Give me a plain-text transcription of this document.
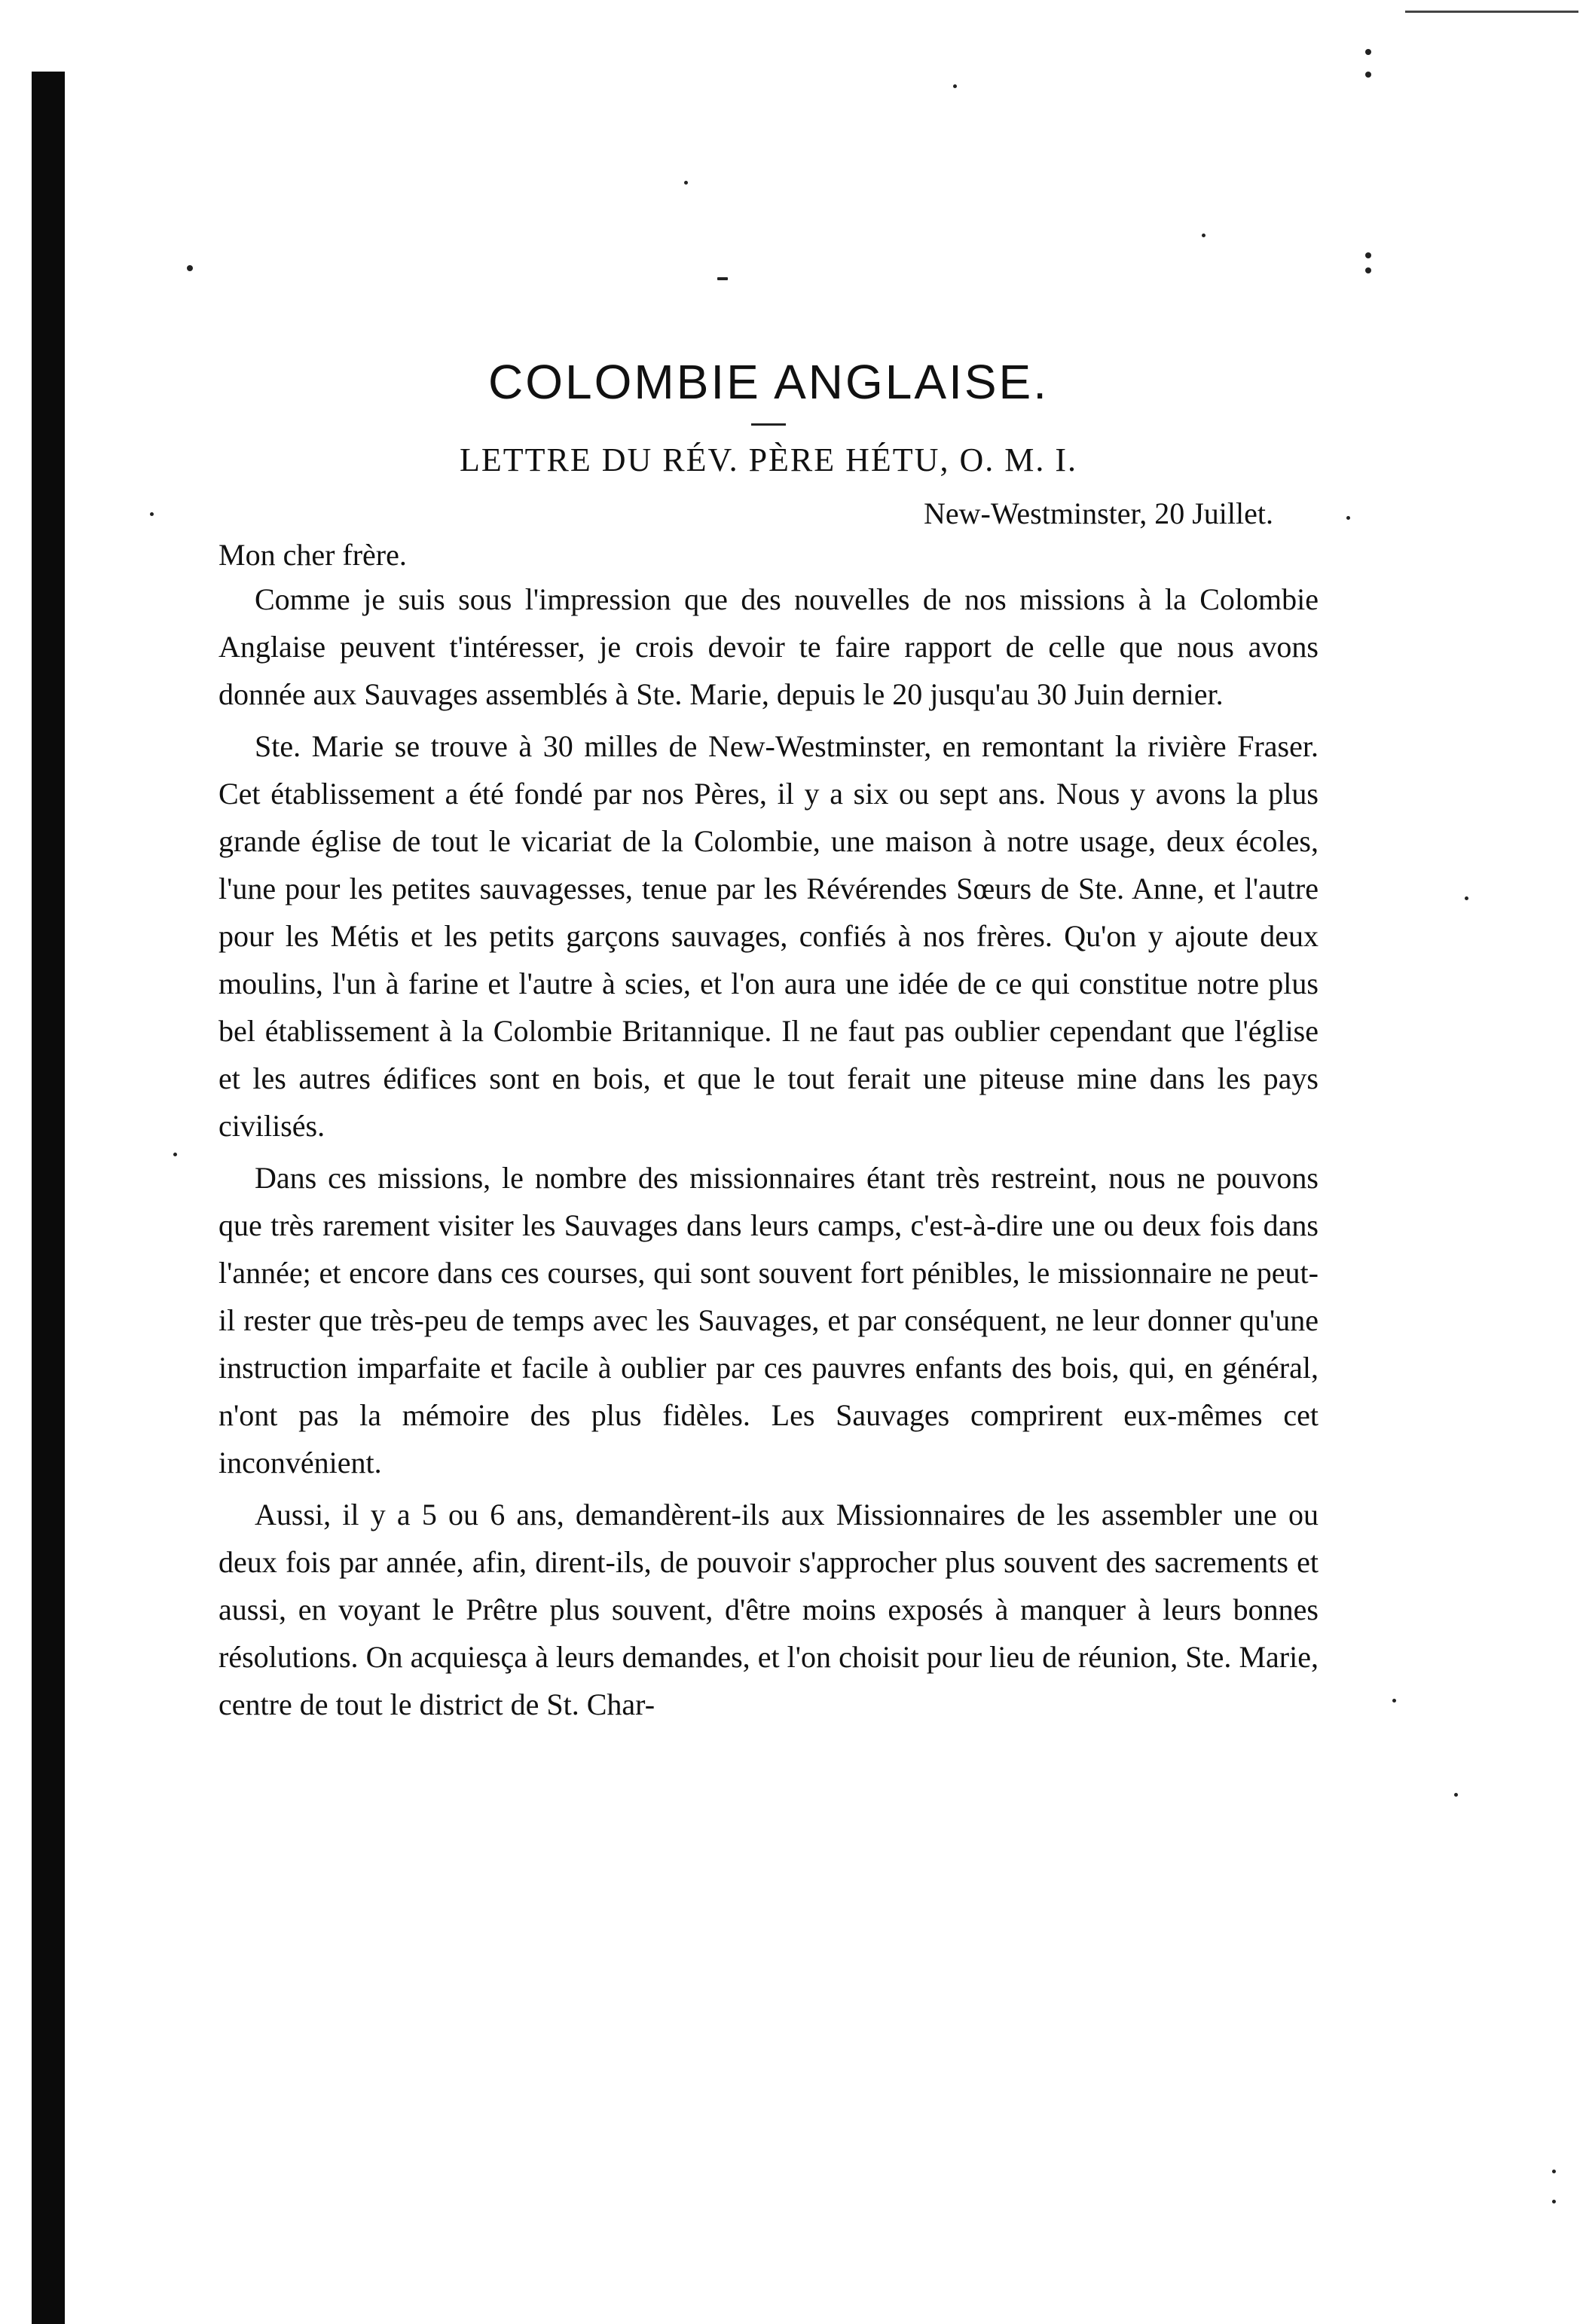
COLOMBIE ANGLAISE.
LETTRE DU RÉV. PÈRE HÉTU, O. M. I.
New-Westminster, 20 Juillet.
Mon cher frère.

Comme je suis sous l'impression que des nouvelles de nos missions à la Colombie Anglaise peuvent t'intéresser, je crois devoir te faire rapport de celle que nous avons donnée aux Sauvages assemblés à Ste. Marie, depuis le 20 jusqu'au 30 Juin dernier.

Ste. Marie se trouve à 30 milles de New-Westminster, en remontant la rivière Fraser. Cet établissement a été fondé par nos Pères, il y a six ou sept ans. Nous y avons la plus grande église de tout le vicariat de la Colombie, une maison à notre usage, deux écoles, l'une pour les petites sauvagesses, tenue par les Révérendes Sœurs de Ste. Anne, et l'autre pour les Métis et les petits garçons sauvages, confiés à nos frères. Qu'on y ajoute deux moulins, l'un à farine et l'autre à scies, et l'on aura une idée de ce qui constitue notre plus bel établissement à la Colombie Britannique. Il ne faut pas oublier cependant que l'église et les autres édifices sont en bois, et que le tout ferait une piteuse mine dans les pays civilisés.

Dans ces missions, le nombre des missionnaires étant très restreint, nous ne pouvons que très rarement visiter les Sauvages dans leurs camps, c'est-à-dire une ou deux fois dans l'année; et encore dans ces courses, qui sont souvent fort pénibles, le missionnaire ne peut-il rester que très-peu de temps avec les Sauvages, et par conséquent, ne leur donner qu'une instruction imparfaite et facile à oublier par ces pauvres enfants des bois, qui, en général, n'ont pas la mémoire des plus fidèles. Les Sauvages comprirent eux-mêmes cet inconvénient.

Aussi, il y a 5 ou 6 ans, demandèrent-ils aux Missionnaires de les assembler une ou deux fois par année, afin, dirent-ils, de pouvoir s'approcher plus souvent des sacrements et aussi, en voyant le Prêtre plus souvent, d'être moins exposés à manquer à leurs bonnes résolutions. On acquiesça à leurs demandes, et l'on choisit pour lieu de réunion, Ste. Marie, centre de tout le district de St. Char-
